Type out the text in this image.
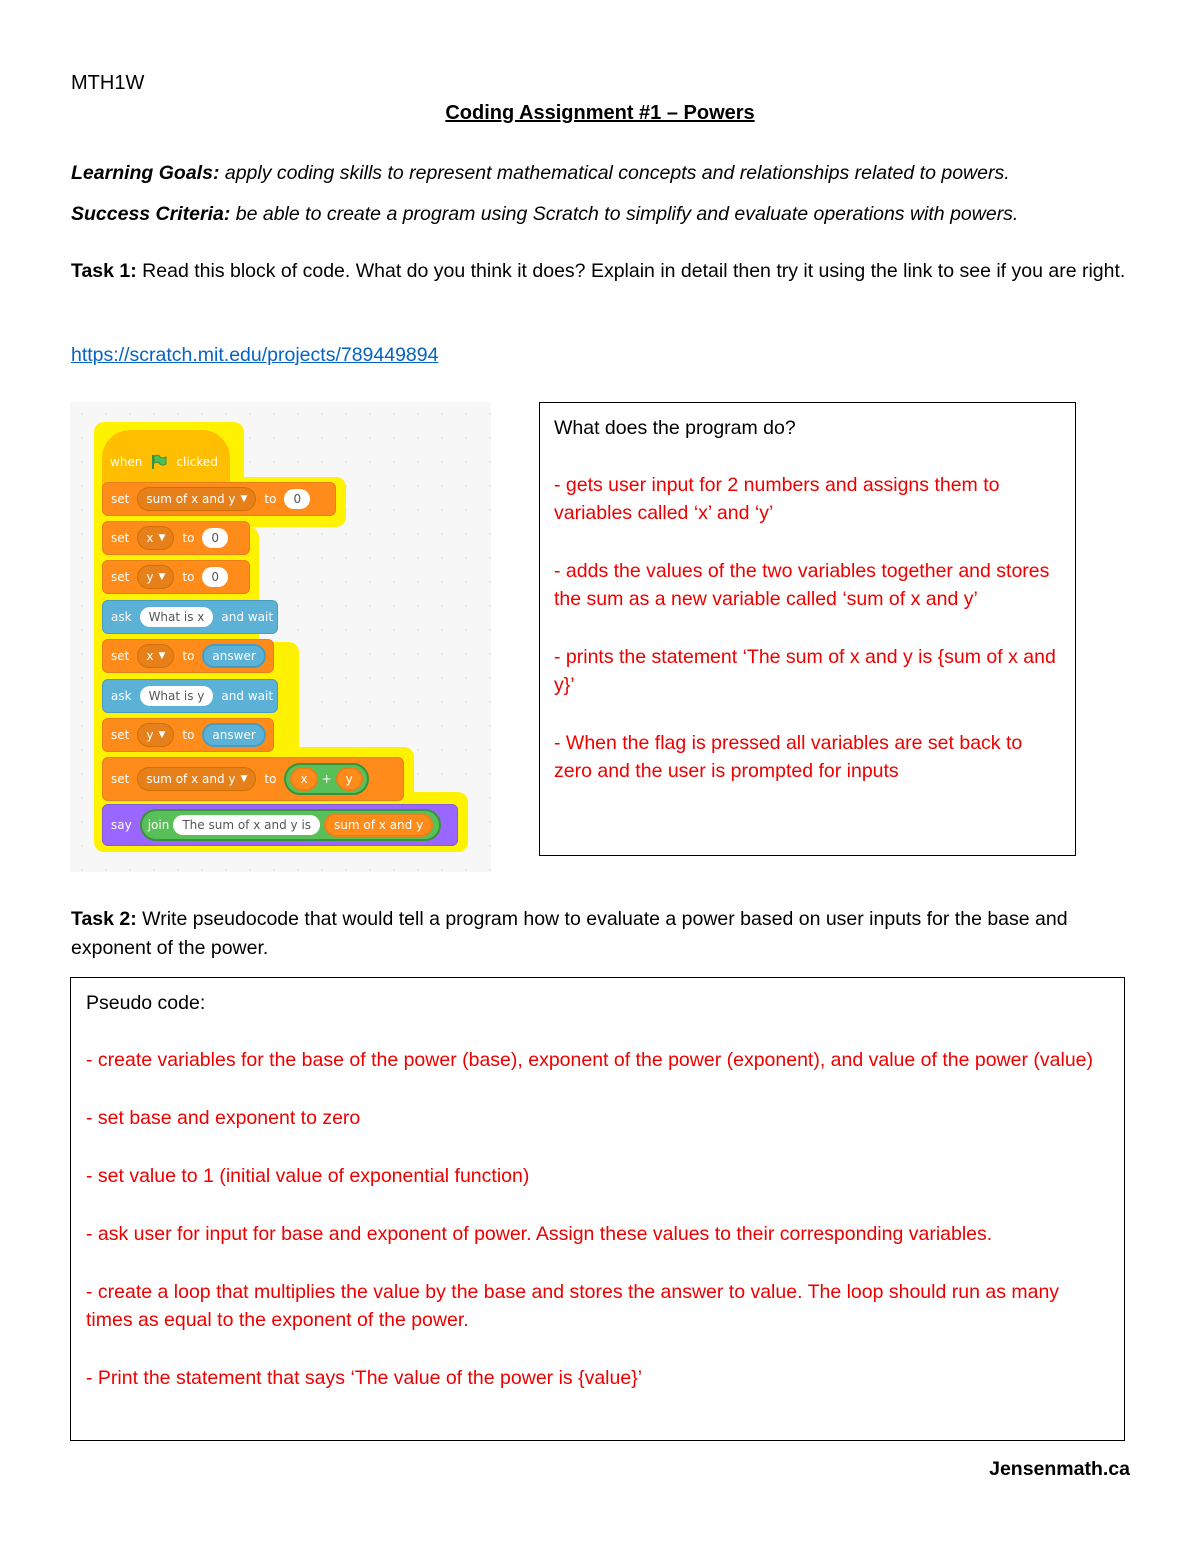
MTH1W
Coding Assignment #1 – Powers
Learning Goals: apply coding skills to represent mathematical concepts and relationships related to powers.
Success Criteria: be able to create a program using Scratch to simplify and evaluate operations with powers.
Task 1: Read this block of code. What do you think it does? Explain in detail then try it using the link to see if you are right.
https://scratch.mit.edu/projects/789449894
when	clicked
set sum of x and y ▼ to	0
set x ▼ to	0
set y ▼ to	0
ask	What is x	and wait
set x ▼ to	answer
ask	What is y	and wait
set y ▼ to	answer
set sum of x and y ▼ to	x	+	y
say join	The sum of x and y is	sum of x and y
What does the program do?
- gets user input for 2 numbers and assigns them to variables called ‘x’ and ‘y’
- adds the values of the two variables together and stores the sum as a new variable called ‘sum of x and y’
- prints the statement ‘The sum of x and y is {sum of x and y}’
- When the flag is pressed all variables are set back to zero and the user is prompted for inputs
Task 2: Write pseudocode that would tell a program how to evaluate a power based on user inputs for the base and exponent of the power.
Pseudo code:
- create variables for the base of the power (base), exponent of the power (exponent), and value of the power (value)
- set base and exponent to zero
- set value to 1 (initial value of exponential function)
- ask user for input for base and exponent of power. Assign these values to their corresponding variables.
- create a loop that multiplies the value by the base and stores the answer to value. The loop should run as many times as equal to the exponent of the power.
- Print the statement that says ‘The value of the power is {value}’
Jensenmath.ca
